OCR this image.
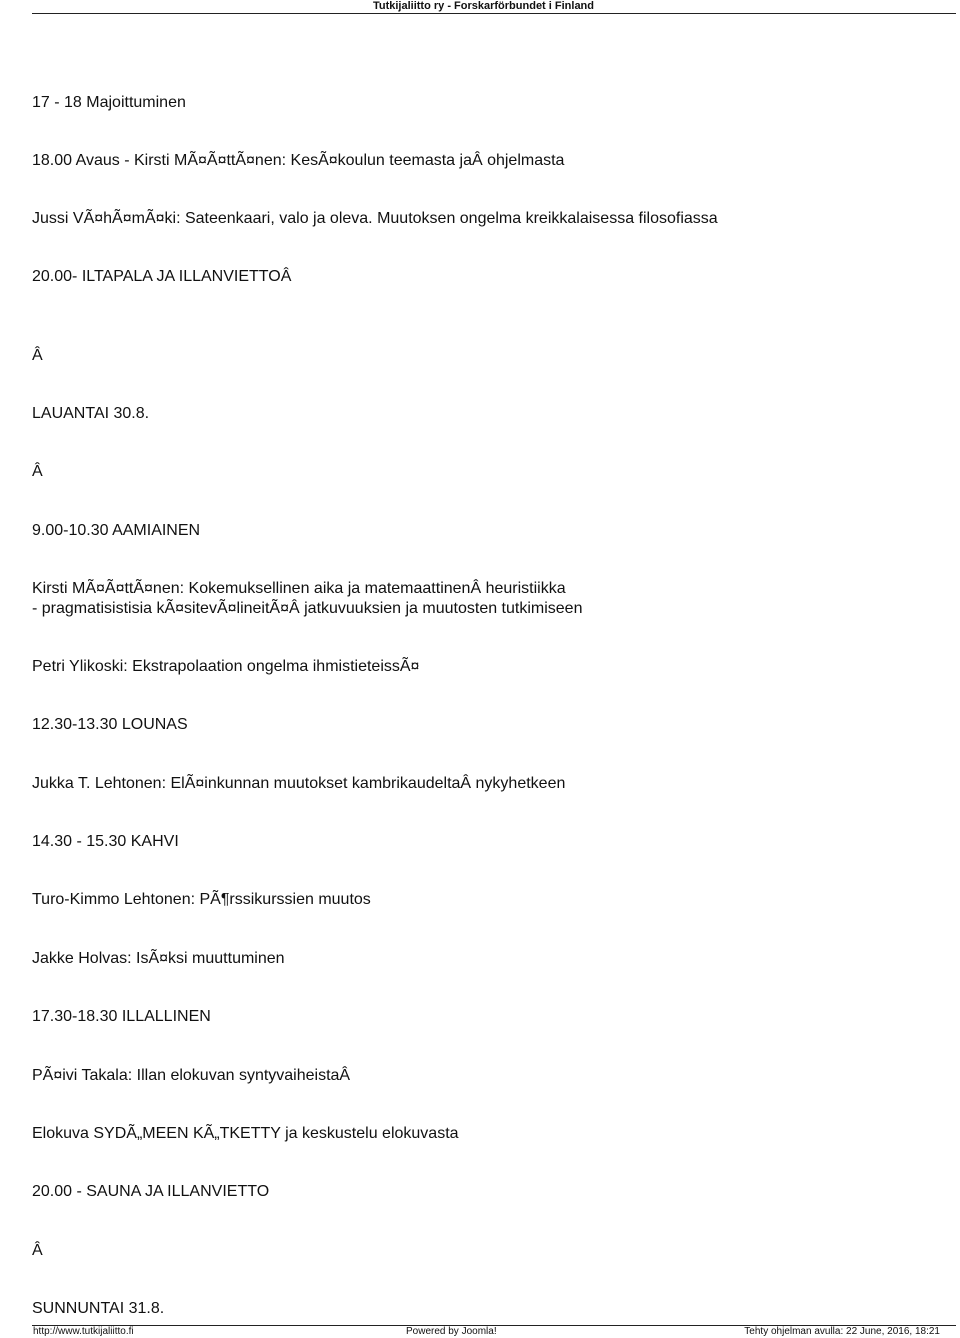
Tutkijaliitto ry - Forskarförbundet i Finland
17 - 18 Majoittuminen
18.00 Avaus - Kirsti MÃ¤Ã¤ttÃ¤nen: KesÃ¤koulun teemasta jaÂ ohjelmasta
Jussi VÃ¤hÃ¤mÃ¤ki: Sateenkaari, valo ja oleva. Muutoksen ongelma kreikkalaisessa filosofiassa
20.00- ILTAPALA JA ILLANVIETTOÂ
Â
LAUANTAI 30.8.
Â
9.00-10.30 AAMIAINEN
Kirsti MÃ¤Ã¤ttÃ¤nen: Kokemuksellinen aika ja matemaattinenÂ heuristiikka
- pragmatisistisia kÃ¤sitevÃ¤lineitÃ¤Â jatkuvuuksien ja muutosten tutkimiseen
Petri Ylikoski: Ekstrapolaation ongelma ihmistieteissÃ¤
12.30-13.30 LOUNAS
Jukka T. Lehtonen: ElÃ¤inkunnan muutokset kambrikaudeltaÂ nykyhetkeen
14.30 - 15.30 KAHVI
Turo-Kimmo Lehtonen: PÃ¶rssikurssien muutos
Jakke Holvas: IsÃ¤ksi muuttuminen
17.30-18.30 ILLALLINEN
PÃ¤ivi Takala: Illan elokuvan syntyvaiheistaÂ
Elokuva SYDÃ„MEEN KÃ„TKETTY ja keskustelu elokuvasta
20.00 - SAUNA JA ILLANVIETTO
Â
SUNNUNTAI 31.8.
http://www.tutkijaliitto.fi	Powered by Joomla!	Tehty ohjelman avulla: 22 June, 2016, 18:21
